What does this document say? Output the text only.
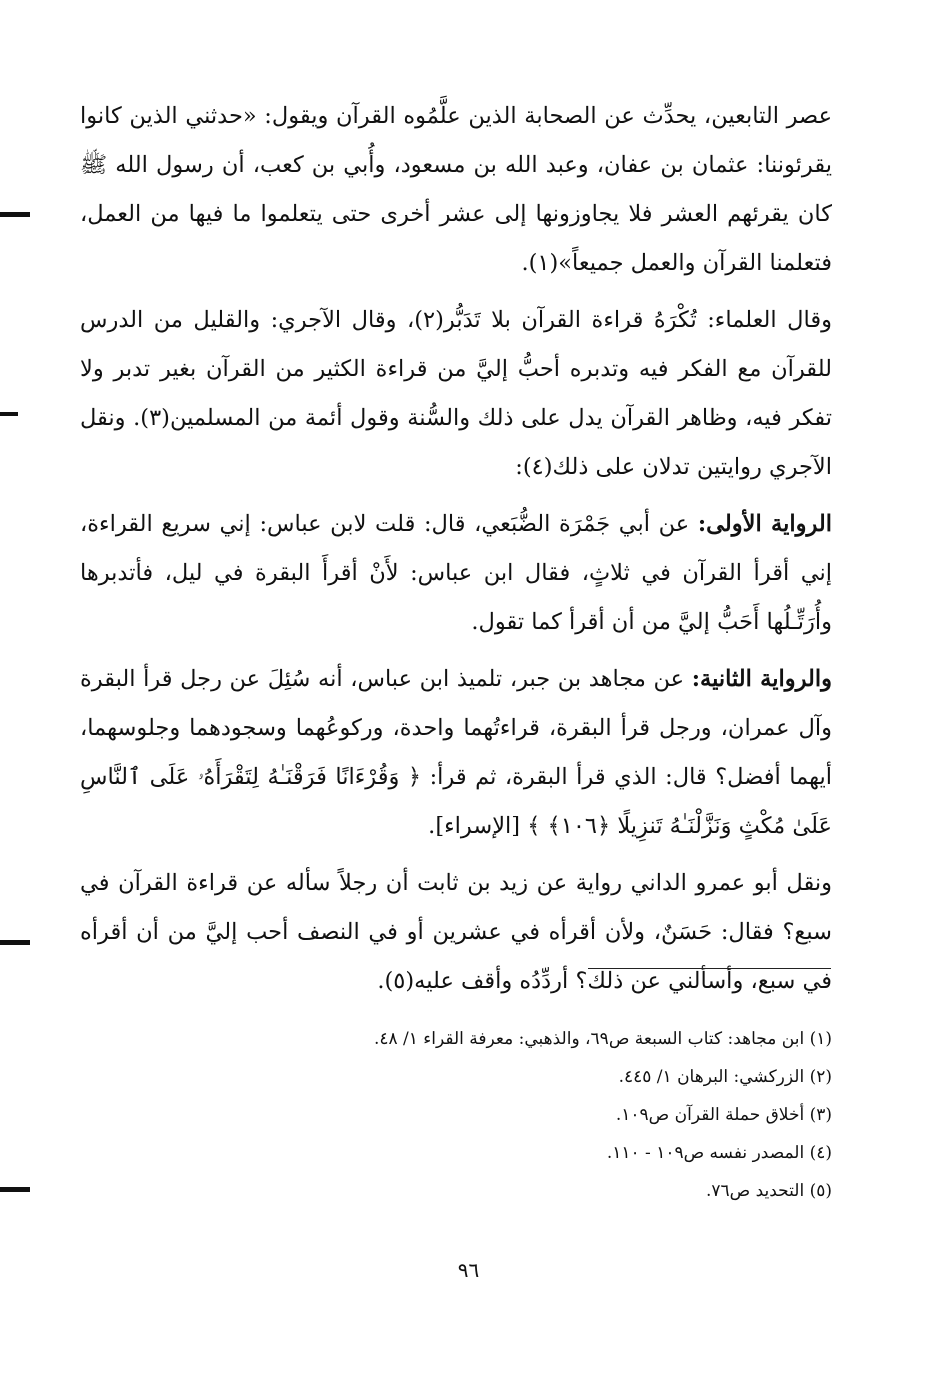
عصر التابعين، يحدِّث عن الصحابة الذين علَّمُوه القرآن ويقول: «حدثني الذين كانوا يقرئوننا: عثمان بن عفان، وعبد الله بن مسعود، وأُبي بن كعب، أن رسول الله ﷺ كان يقرئهم العشر فلا يجاوزونها إلى عشر أخرى حتى يتعلموا ما فيها من العمل، فتعلمنا القرآن والعمل جميعاً»(١).

وقال العلماء: تُكْرَهُ قراءة القرآن بلا تَدَبُّر(٢)، وقال الآجري: والقليل من الدرس للقرآن مع الفكر فيه وتدبره أحبُّ إليَّ من قراءة الكثير من القرآن بغير تدبر ولا تفكر فيه، وظاهر القرآن يدل على ذلك والسُّنة وقول أئمة من المسلمين(٣). ونقل الآجري روايتين تدلان على ذلك(٤):

الرواية الأولى: عن أبي جَمْرَة الضُّبَعي، قال: قلت لابن عباس: إني سريع القراءة، إني أقرأ القرآن في ثلاثٍ، فقال ابن عباس: لأَنْ أقرأَ البقرة في ليل، فأتدبرها وأُرَتِّـلُها أَحَبُّ إليَّ من أن أقرأ كما تقول.

والرواية الثانية: عن مجاهد بن جبر، تلميذ ابن عباس، أنه سُئِلَ عن رجل قرأ البقرة وآل عمران، ورجل قرأ البقرة، قراءتُهما واحدة، وركوعُهما وسجودهما وجلوسهما، أيهما أفضل؟ قال: الذي قرأ البقرة، ثم قرأ: ﴿ وَقُرْءَانًا فَرَقْنَـٰهُ لِتَقْرَأَهُۥ عَلَى ٱلنَّاسِ عَلَىٰ مُكْثٍ وَنَزَّلْنَـٰهُ تَنزِيلًا ﴿١٠٦﴾ ﴾ [الإسراء].

ونقل أبو عمرو الداني رواية عن زيد بن ثابت أن رجلاً سأله عن قراءة القرآن في سبع؟ فقال: حَسَنٌ، ولأن أقرأه في عشرين أو في النصف أحب إليَّ من أن أقرأه في سبع، وأسألني عن ذلك؟ أردِّدُه وأقف عليه(٥).

(١) ابن مجاهد: كتاب السبعة ص٦٩، والذهبي: معرفة القراء ١/ ٤٨.

(٢) الزركشي: البرهان ١/ ٤٤٥.

(٣) أخلاق حملة القرآن ص١٠٩.

(٤) المصدر نفسه ص١٠٩ - ١١٠.

(٥) التحديد ص٧٦.

٩٦
